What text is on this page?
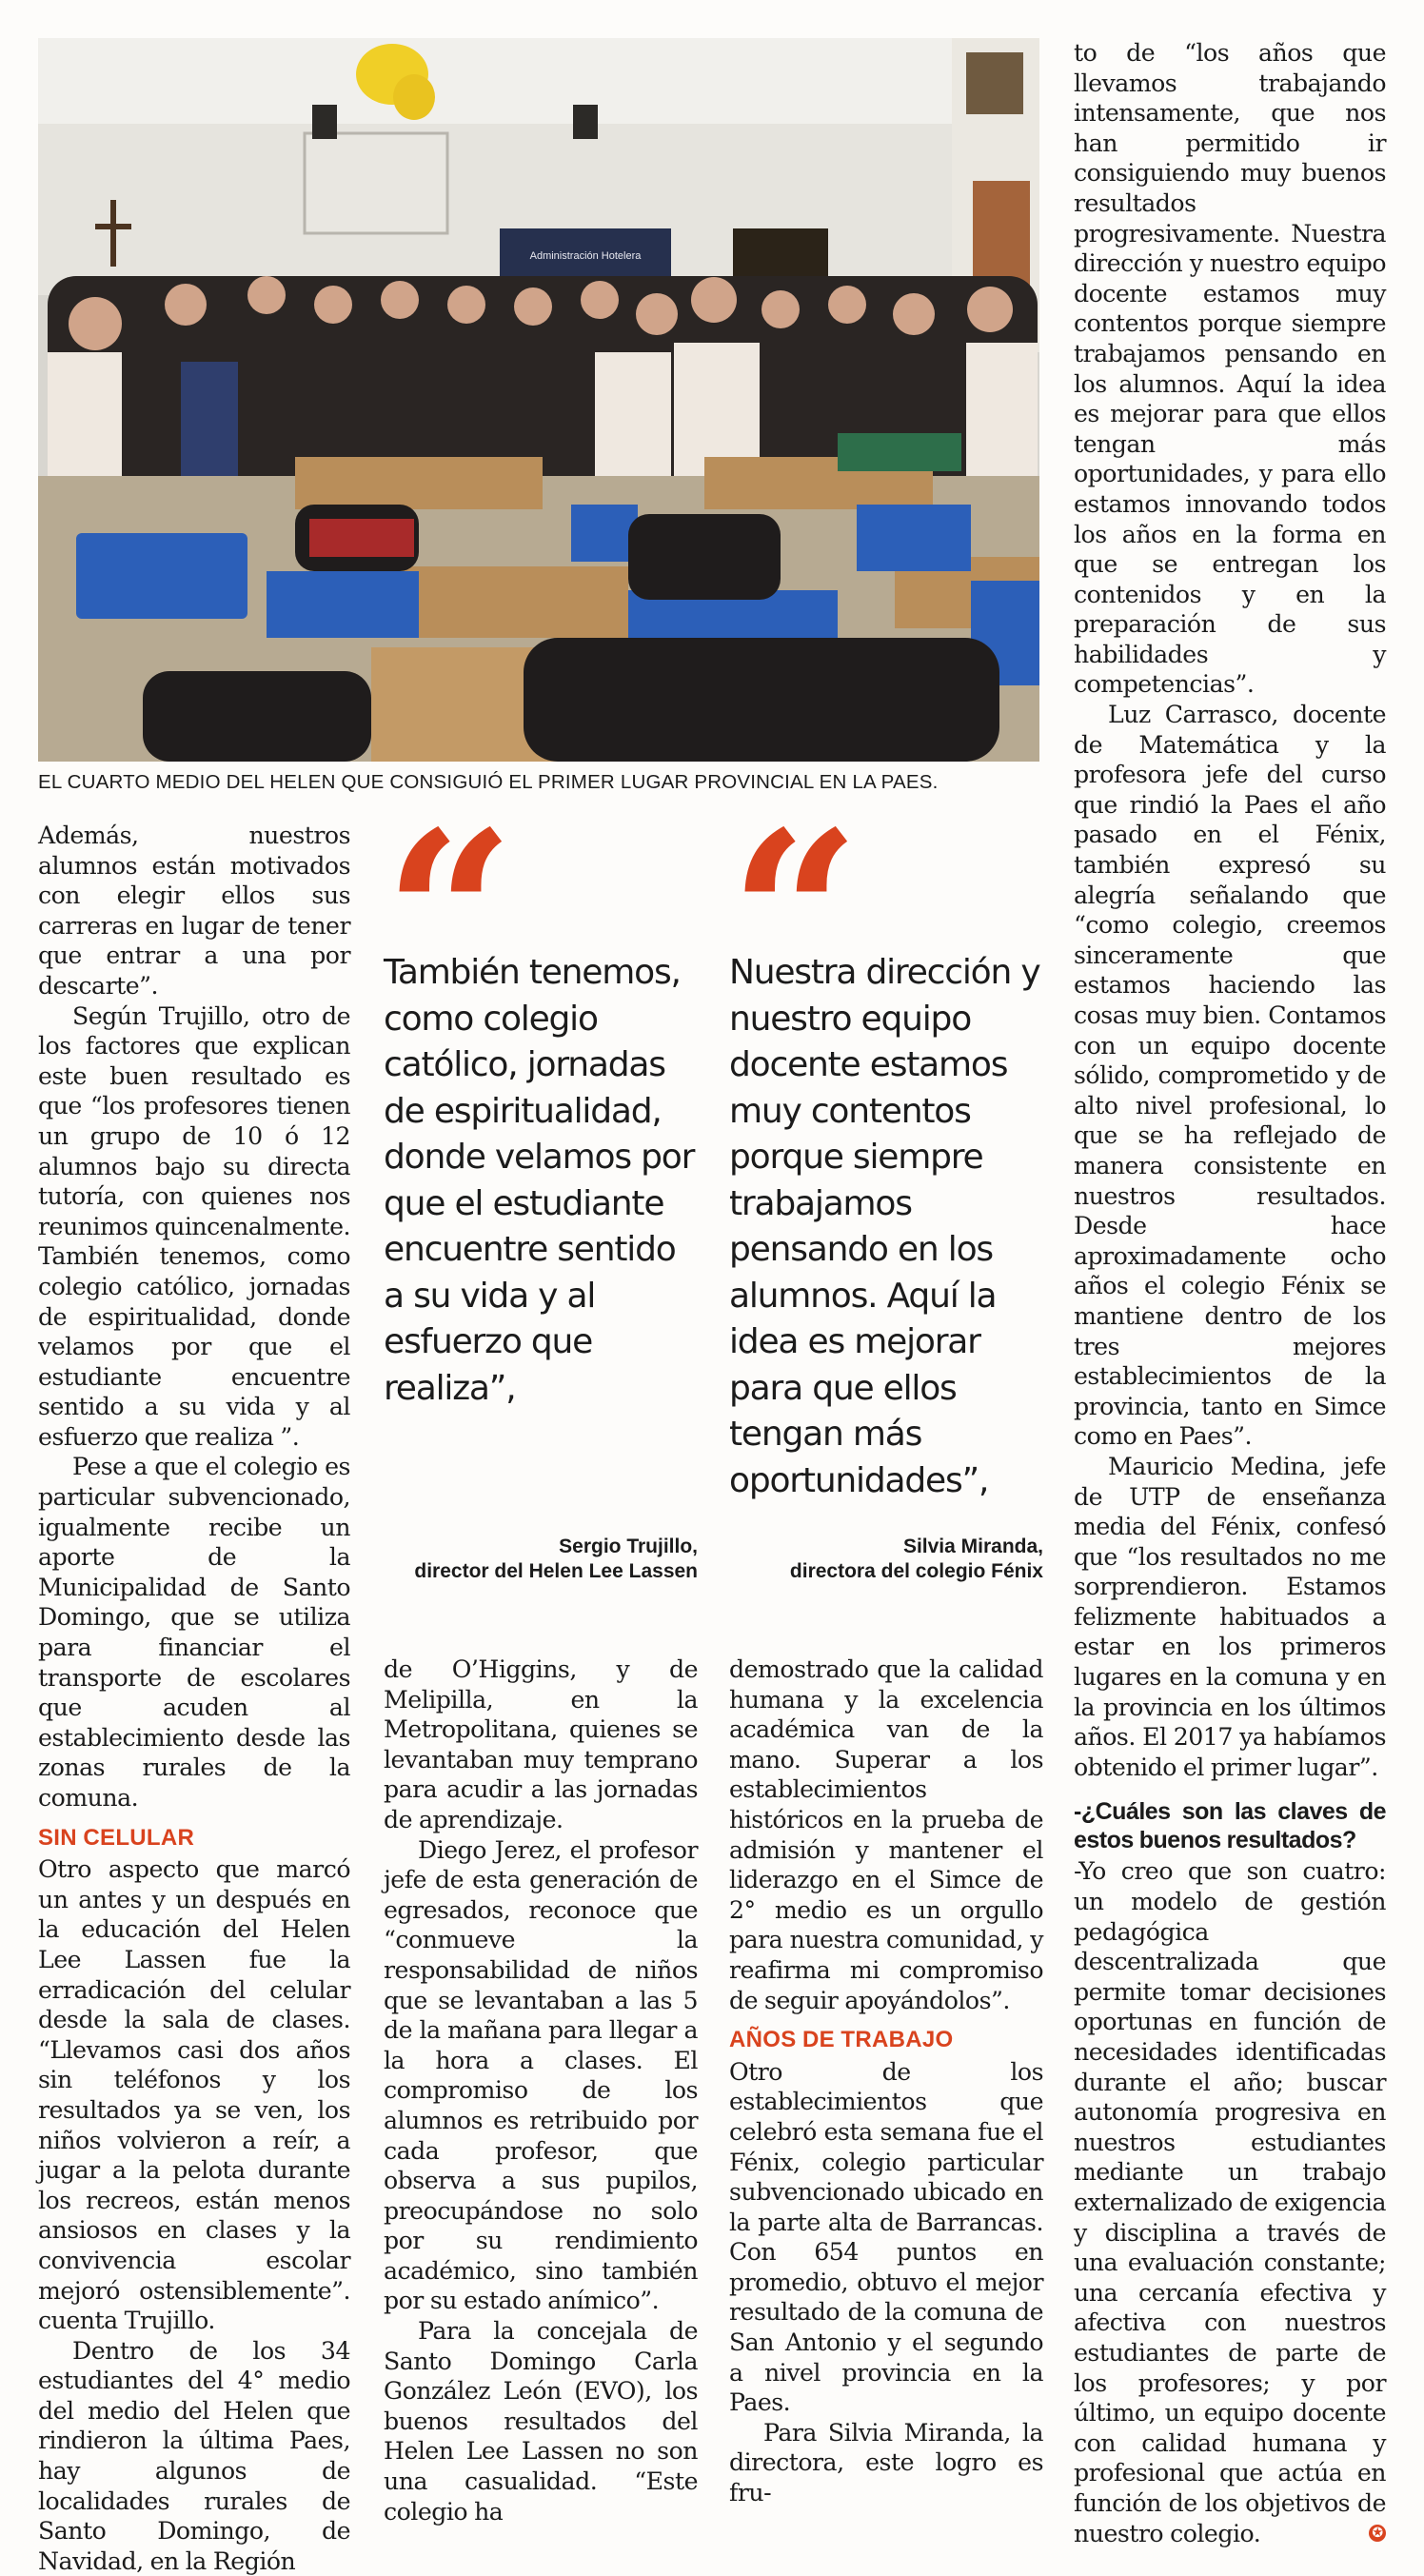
Administración Hotelera
EL CUARTO MEDIO DEL HELEN QUE CONSIGUIÓ EL PRIMER LUGAR PROVINCIAL EN LA PAES.

Además, nuestros alumnos están motivados con elegir ellos sus carreras en lugar de tener que entrar a una por descarte”.

Según Trujillo, otro de los factores que explican este buen resultado es que “los profesores tienen un grupo de 10 ó 12 alumnos bajo su directa tutoría, con quienes nos reunimos quincenalmente. También tenemos, como colegio católico, jornadas de espiritualidad, donde velamos por que el estudiante encuentre sentido a su vida y al esfuerzo que realiza ”.

Pese a que el colegio es particular subvencionado, igualmente recibe un aporte de la Municipalidad de Santo Domingo, que se utiliza para financiar el transporte de escolares que acuden al establecimiento desde las zonas rurales de la comuna.

SIN CELULAR

Otro aspecto que marcó un antes y un después en la educación del Helen Lee Lassen fue la erradicación del celular desde la sala de clases. “Llevamos casi dos años sin teléfonos y los resultados ya se ven, los niños volvieron a reír, a jugar a la pelota durante los recreos, están menos ansiosos en clases y la convivencia escolar mejoró ostensiblemente”. cuenta Trujillo.

Dentro de los 34 estudiantes del 4° medio del medio del Helen que rindieron la última Paes, hay algunos de localidades rurales de Santo Domingo, de Navidad, en la Región

También tenemos, como colegio católico, jornadas de espiritualidad, donde velamos por que el estudiante encuentre sentido a su vida y al esfuerzo que realiza”,
Sergio Trujillo,
director del Helen Lee Lassen
Nuestra dirección y nuestro equipo docente estamos muy contentos porque siempre trabajamos pensando en los alumnos. Aquí la idea es mejorar para que ellos tengan más oportunidades”,
Silvia Miranda,
directora del colegio Fénix

de O’Higgins, y de Melipilla, en la Metropolitana, quienes se levantaban muy temprano para acudir a las jornadas de aprendizaje.

Diego Jerez, el profesor jefe de esta generación de egresados, reconoce que “conmueve la responsabilidad de niños que se levantaban a las 5 de la mañana para llegar a la hora a clases. El compromiso de los alumnos es retribuido por cada profesor, que observa a sus pupilos, preocupándose no solo por su rendimiento académico, sino también por su estado anímico”.

Para la concejala de Santo Domingo Carla González León (EVO), los buenos resultados del Helen Lee Lassen no son una casualidad. “Este colegio ha

demostrado que la calidad humana y la excelencia académica van de la mano. Superar a los establecimientos históricos en la prueba de admisión y mantener el liderazgo en el Simce de 2° medio es un orgullo para nuestra comunidad, y reafirma mi compromiso de seguir apoyándolos”.

AÑOS DE TRABAJO

Otro de los establecimientos que celebró esta semana fue el Fénix, colegio particular subvencionado ubicado en la parte alta de Barrancas. Con 654 puntos en promedio, obtuvo el mejor resultado de la comuna de San Antonio y el segundo a nivel provincia en la Paes.

Para Silvia Miranda, la directora, este logro es fru-

to de “los años que llevamos trabajando intensamente, que nos han permitido ir consiguiendo muy buenos resultados progresivamente. Nuestra dirección y nuestro equipo docente estamos muy contentos porque siempre trabajamos pensando en los alumnos. Aquí la idea es mejorar para que ellos tengan más oportunidades, y para ello estamos innovando todos los años en la forma en que se entregan los contenidos y en la preparación de sus habilidades y competencias”.

Luz Carrasco, docente de Matemática y la profesora jefe del curso que rindió la Paes el año pasado en el Fénix, también expresó su alegría señalando que “como colegio, creemos sinceramente que estamos haciendo las cosas muy bien. Contamos con un equipo docente sólido, comprometido y de alto nivel profesional, lo que se ha reflejado de manera consistente en nuestros resultados. Desde hace aproximadamente ocho años el colegio Fénix se mantiene dentro de los tres mejores establecimientos de la provincia, tanto en Simce como en Paes”.

Mauricio Medina, jefe de UTP de enseñanza media del Fénix, confesó que “los resultados no me sorprendieron. Estamos felizmente habituados a estar en los primeros lugares en la comuna y en la provincia en los últimos años. El 2017 ya habíamos obtenido el primer lugar”.

-¿Cuáles son las claves de estos buenos resultados?

-Yo creo que son cuatro: un modelo de gestión pedagógica descentralizada que permite tomar decisiones oportunas en función de necesidades identificadas durante el año; buscar autonomía progresiva en nuestros estudiantes mediante un trabajo externalizado de exigencia y disciplina a través de una evaluación constante; una cercanía efectiva y afectiva con nuestros estudiantes de parte de los profesores; y por último, un equipo docente con calidad humana y profesional que actúa en función de los objetivos de nuestro colegio.	✪
